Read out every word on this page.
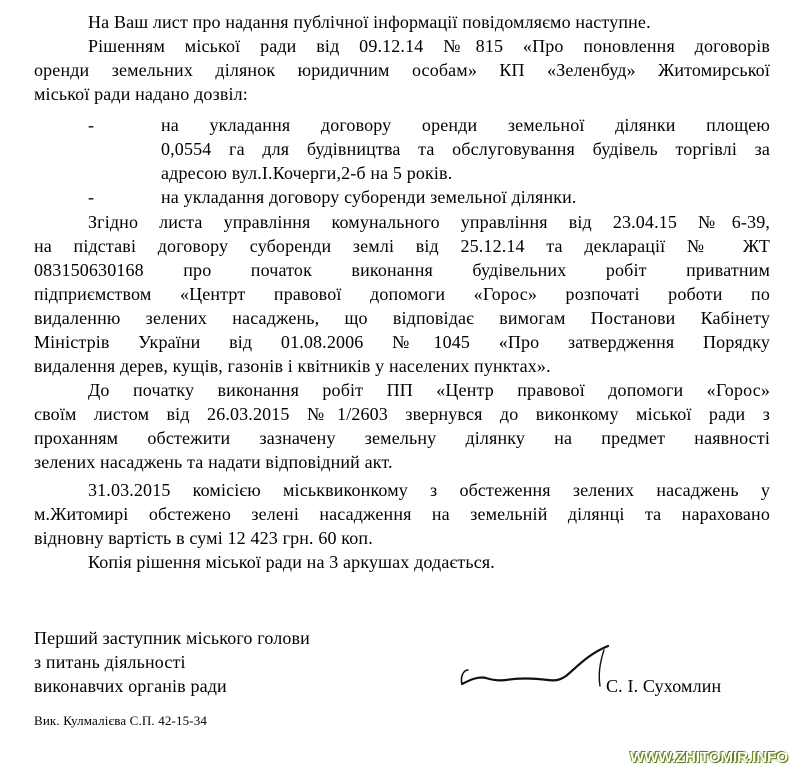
На Ваш лист про надання публічної інформації повідомляємо наступне.
Рішенням міської ради від 09.12.14 №815 «Про поновлення договорів
оренди земельних ділянок юридичним особам» КП «Зеленбуд» Житомирської
міської ради надано дозвіл:
-	на укладання договору оренди земельної ділянки площею
0,0554 га для будівництва та обслуговування будівель торгівлі за
адресою вул.І.Кочерги,2-б на 5 років.
-	на укладання договору суборенди земельної ділянки.
Згідно листа управління комунального управління від 23.04.15 №6-39,
на підставі договору суборенди землі від 25.12.14 та декларації № ЖТ
083150630168 про початок виконання будівельних робіт приватним
підприємством «Центрт правової допомоги «Горос» розпочаті роботи по
видаленню зелених насаджень, що відповідає вимогам Постанови Кабінету
Міністрів України від 01.08.2006 №1045 «Про затвердження Порядку
видалення дерев, кущів, газонів і квітників у населених пунктах».
До початку виконання робіт ПП «Центр правової допомоги «Горос»
своїм листом від 26.03.2015 №1/2603 звернувся до виконкому міської ради з
проханням обстежити зазначену земельну ділянку на предмет наявності
зелених насаджень та надати відповідний акт.
31.03.2015 комісією міськвиконкому з обстеження зелених насаджень у
м.Житомирі обстежено зелені насадження на земельній ділянці та нараховано
відновну вартість в сумі 12 423 грн. 60 коп.
Копія рішення міської ради на 3 аркушах додається.
Перший заступник міського голови
з питань діяльності
виконавчих органів ради	С. І. Сухомлин
Вик. Кулмалієва С.П. 42-15-34
WWW.ZHITOMIR.INFO
